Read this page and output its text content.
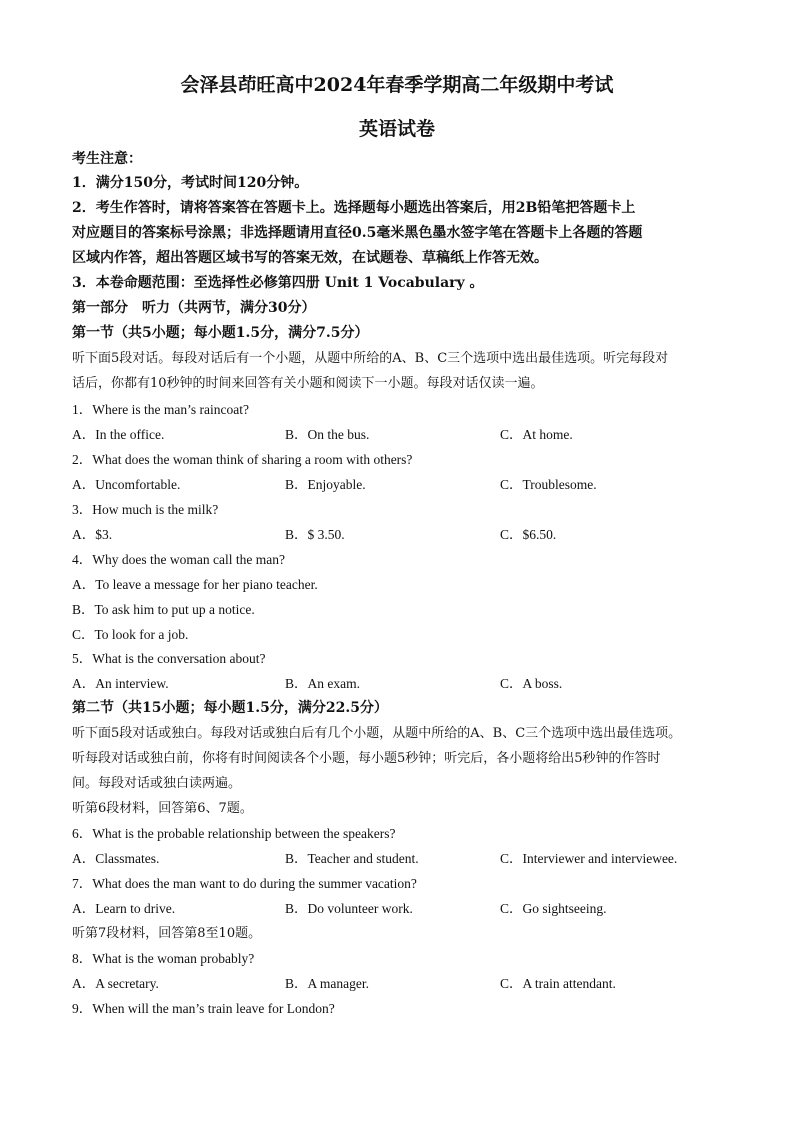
会泽县茚旺高中2024年春季学期高二年级期中考试
英语试卷
考生注意：
1．满分150分，考试时间120分钟。
2．考生作答时，请将答案答在答题卡上。选择题每小题选出答案后，用2B铅笔把答题卡上
对应题目的答案标号涂黑；非选择题请用直径0.5毫米黑色墨水签字笔在答题卡上各题的答题
区域内作答，超出答题区域书写的答案无效，在试题卷、草稿纸上作答无效。
3．本卷命题范围：至选择性必修第四册 Unit 1 Vocabulary 。
第一部分　听力（共两节，满分30分）
第一节（共5小题；每小题1.5分，满分7.5分）
听下面5段对话。每段对话后有一个小题，从题中所给的A、B、C三个选项中选出最佳选项。听完每段对
话后，你都有10秒钟的时间来回答有关小题和阅读下一小题。每段对话仅读一遍。
1．Where is the man’s raincoat?
A．In the office.	B．On the bus.	C．At home.
2．What does the woman think of sharing a room with others?
A．Uncomfortable.	B．Enjoyable.	C．Troublesome.
3．How much is the milk?
A．$3.	B．$ 3.50.	C．$6.50.
4．Why does the woman call the man?
A．To leave a message for her piano teacher.
B．To ask him to put up a notice.
C．To look for a job.
5．What is the conversation about?
A．An interview.	B．An exam.	C．A boss.
第二节（共15小题；每小题1.5分，满分22.5分）
听下面5段对话或独白。每段对话或独白后有几个小题，从题中所给的A、B、C三个选项中选出最佳选项。
听每段对话或独白前，你将有时间阅读各个小题，每小题5秒钟；听完后，各小题将给出5秒钟的作答时
间。每段对话或独白读两遍。
听第6段材料，回答第6、7题。
6．What is the probable relationship between the speakers?
A．Classmates.	B．Teacher and student.	C．Interviewer and interviewee.
7．What does the man want to do during the summer vacation?
A．Learn to drive.	B．Do volunteer work.	C．Go sightseeing.
听第7段材料，回答第8至10题。
8．What is the woman probably?
A．A secretary.	B．A manager.	C．A train attendant.
9．When will the man’s train leave for London?
